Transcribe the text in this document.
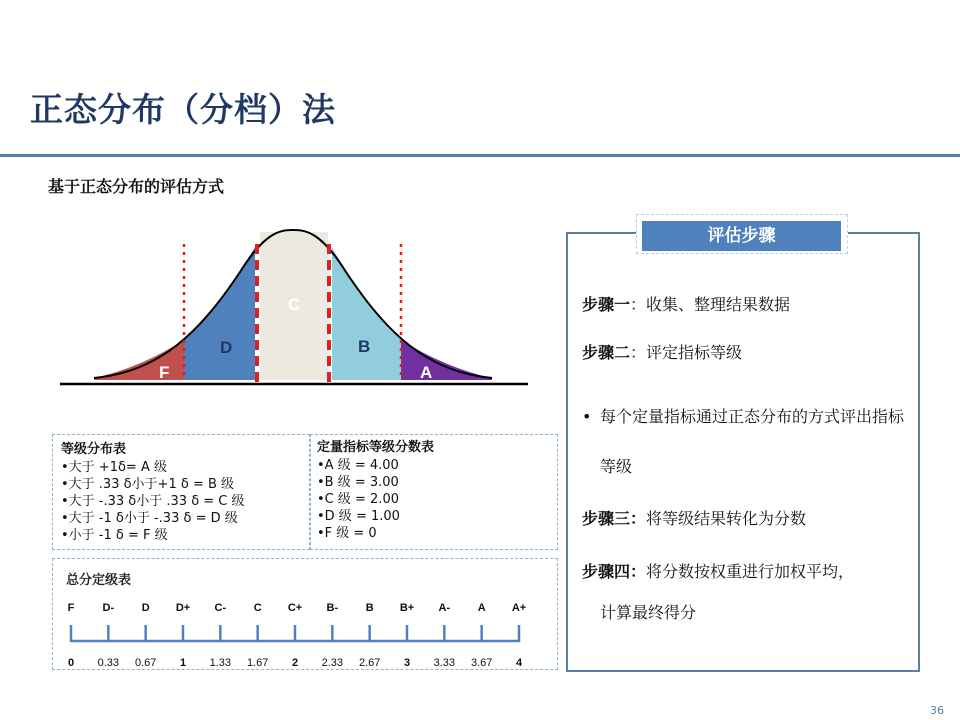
正态分布（分档）法
基于正态分布的评估方式
F
D
C
B
A
等级分布表
•大于 +1δ= A 级
•大于 .33 δ小于+1 δ = B 级
•大于 -.33 δ小于 .33 δ = C 级
•大于 -1 δ小于 -.33 δ = D 级
•小于 -1 δ = F 级
定量指标等级分数表
•A 级 = 4.00
•B 级 = 3.00
•C 级 = 2.00
•D 级 = 1.00
•F 级 = 0
总分定级表
F
0
D-
0.33
D
0.67
D+
1
C-
1.33
C
1.67
C+
2
B-
2.33
B
2.67
B+
3
A-
3.33
A
3.67
A+
4
评估步骤
步骤一：收集、整理结果数据
步骤二：评定指标等级
• 每个定量指标通过正态分布的方式评出指标等级
步骤三：将等级结果转化为分数
步骤四：将分数按权重进行加权平均，
计算最终得分
36
